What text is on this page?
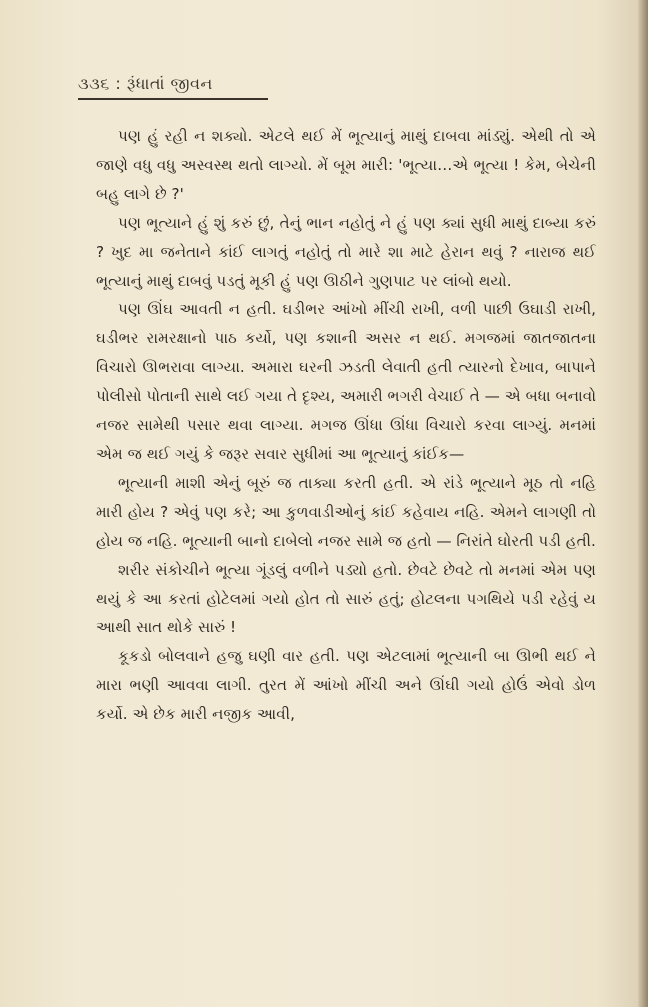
૩૩૬ : રૂંધાતાં જીવન

પણ હું રહી ન શક્યો. એટલે થઈ મેં ભૂત્યાનું માથું દાબવા માંડ્યું. એથી તો એ જાણે વધુ વધુ અસ્વસ્થ થતો લાગ્યો. મેં બૂમ મારી: 'ભૂત્યા…એ ભૂત્યા ! કેમ, બેચેની બહુ લાગે છે ?'

પણ ભૂત્યાને હું શું કરું છું, તેનું ભાન નહોતું ને હું પણ ક્યાં સુધી માથું દાબ્યા કરું ? ખુદ મા જનેતાને કાંઈ લાગતું નહોતું તો મારે શા માટે હેરાન થવું ? નારાજ થઈ ભૂત્યાનું માથું દાબવું પડતું મૂકી હું પણ ઊઠીને ગુણપાટ પર લાંબો થયો.

પણ ઊંઘ આવતી ન હતી. ઘડીભર આંખો મીંચી રાખી, વળી પાછી ઉઘાડી રાખી, ઘડીભર રામરક્ષાનો પાઠ કર્યો, પણ કશાની અસર ન થઈ. મગજમાં જાતજાતના વિચારો ઊભરાવા લાગ્યા. અમારા ઘરની ઝડતી લેવાતી હતી ત્યારનો દેખાવ, બાપાને પોલીસો પોતાની સાથે લઈ ગયા તે દૃશ્ય, અમારી ભગરી વેચાઈ તે — એ બધા બનાવો નજર સામેથી પસાર થવા લાગ્યા. મગજ ઊંધા ઊંધા વિચારો કરવા લાગ્યું. મનમાં એમ જ થઈ ગયું કે જરૂર સવાર સુધીમાં આ ભૂત્યાનું કાંઈક—

ભૂત્યાની માશી એનું બૂરું જ તાક્યા કરતી હતી. એ રાંડે ભૂત્યાને મૂઠ તો નહિ મારી હોય ? એવું પણ કરે; આ કુળવાડીઓનું કાંઈ કહેવાય નહિ. એમને લાગણી તો હોય જ નહિ. ભૂત્યાની બાનો દાબેલો નજર સામે જ હતો — નિરાંતે ઘોરતી પડી હતી.

શરીર સંકોચીને ભૂત્યા ગૂંડલું વળીને પડ્યો હતો. છેવટે છેવટે તો મનમાં એમ પણ થયું કે આ કરતાં હોટેલમાં ગયો હોત તો સારું હતું; હોટલના પગથિયે પડી રહેવું ય આથી સાત થોકે સારું !

કૂકડો બોલવાને હજુ ઘણી વાર હતી. પણ એટલામાં ભૂત્યાની બા ઊભી થઈ ને મારા ભણી આવવા લાગી. તુરત મેં આંખો મીંચી અને ઊંઘી ગયો હોઉં એવો ડોળ કર્યો. એ છેક મારી નજીક આવી,
